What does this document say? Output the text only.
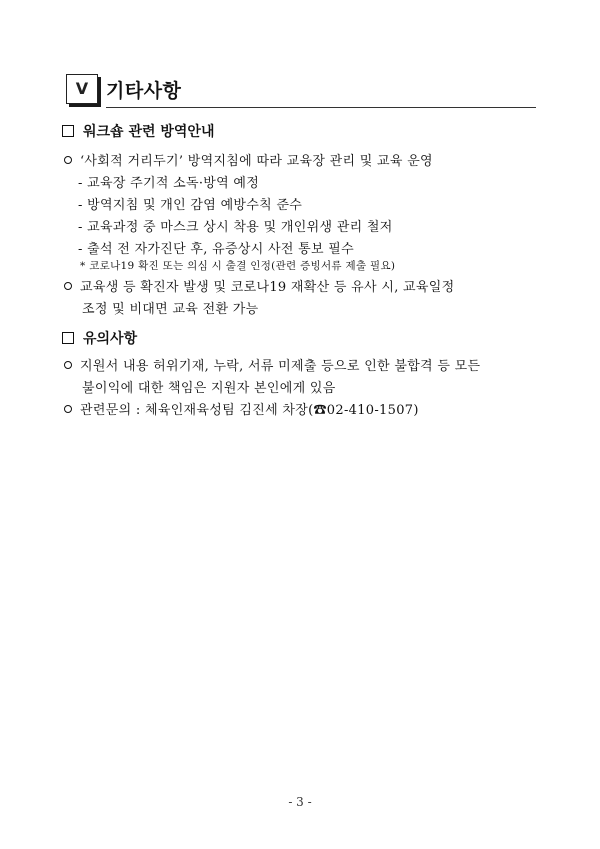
Ⅴ 기타사항
워크숍 관련 방역안내
‘사회적 거리두기’ 방역지침에 따라 교육장 관리 및 교육 운영
- 교육장 주기적 소독·방역 예정
- 방역지침 및 개인 감염 예방수칙 준수
- 교육과정 중 마스크 상시 착용 및 개인위생 관리 철저
- 출석 전 자가진단 후, 유증상시 사전 통보 필수
* 코로나19 확진 또는 의심 시 출결 인정(관련 증빙서류 제출 필요)
교육생 등 확진자 발생 및 코로나19 재확산 등 유사 시, 교육일정
조정 및 비대면 교육 전환 가능
유의사항
지원서 내용 허위기재, 누락, 서류 미제출 등으로 인한 불합격 등 모든
불이익에 대한 책임은 지원자 본인에게 있음
관련문의 : 체육인재육성팀 김진세 차장(☎02-410-1507)
- 3 -
